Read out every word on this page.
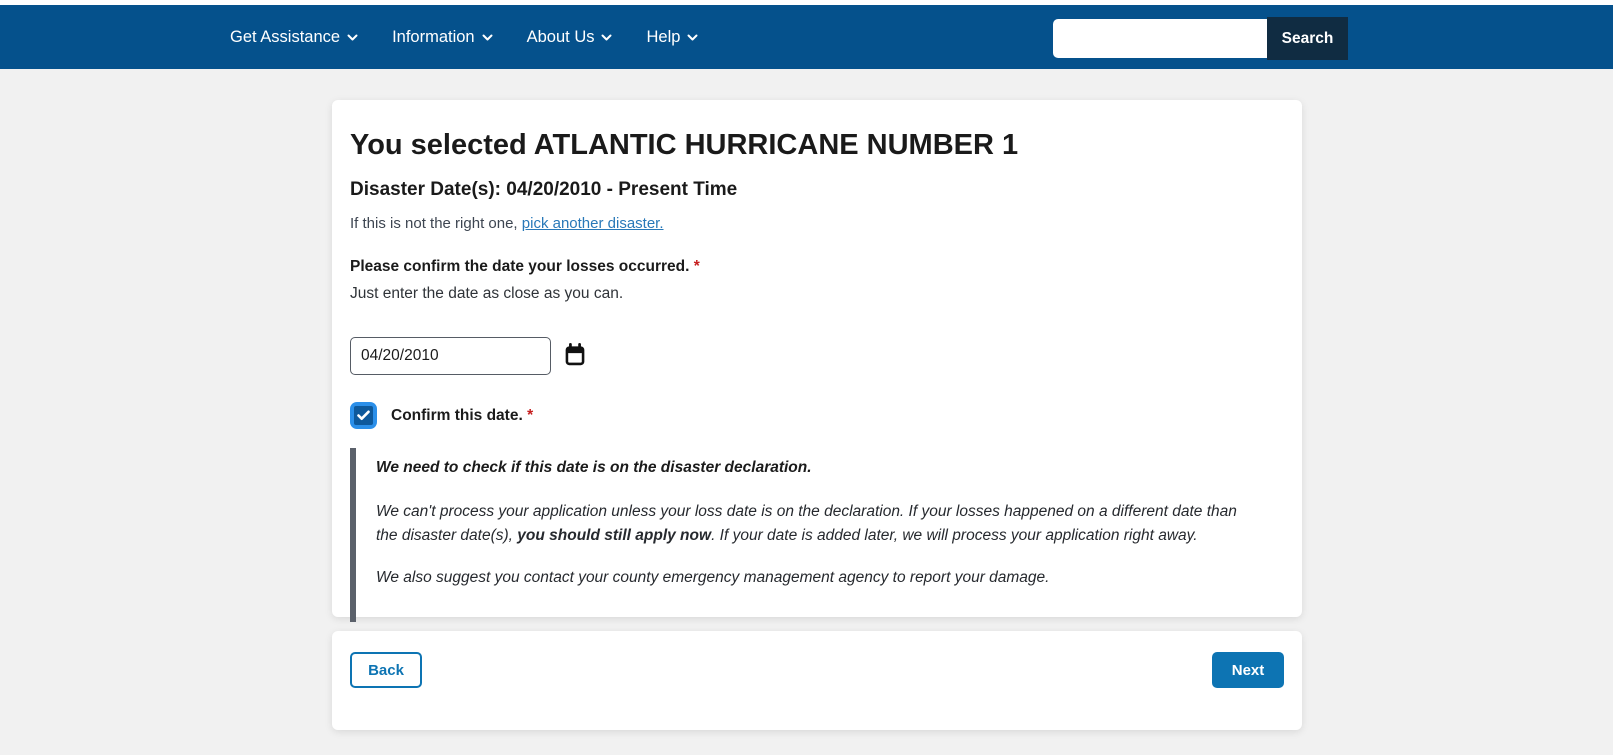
Get Assistance	Information	About Us	Help	Search
You selected ATLANTIC HURRICANE NUMBER 1
Disaster Date(s): 04/20/2010 - Present Time

If this is not the right one, pick another disaster.

Please confirm the date your losses occurred. *

Just enter the date as close as you can.

04/20/2010
Confirm this date. *

We need to check if this date is on the disaster declaration.

We can't process your application unless your loss date is on the declaration. If your losses happened on a different date than the disaster date(s), you should still apply now. If your date is added later, we will process your application right away.

We also suggest you contact your county emergency management agency to report your damage.

Back	Next
